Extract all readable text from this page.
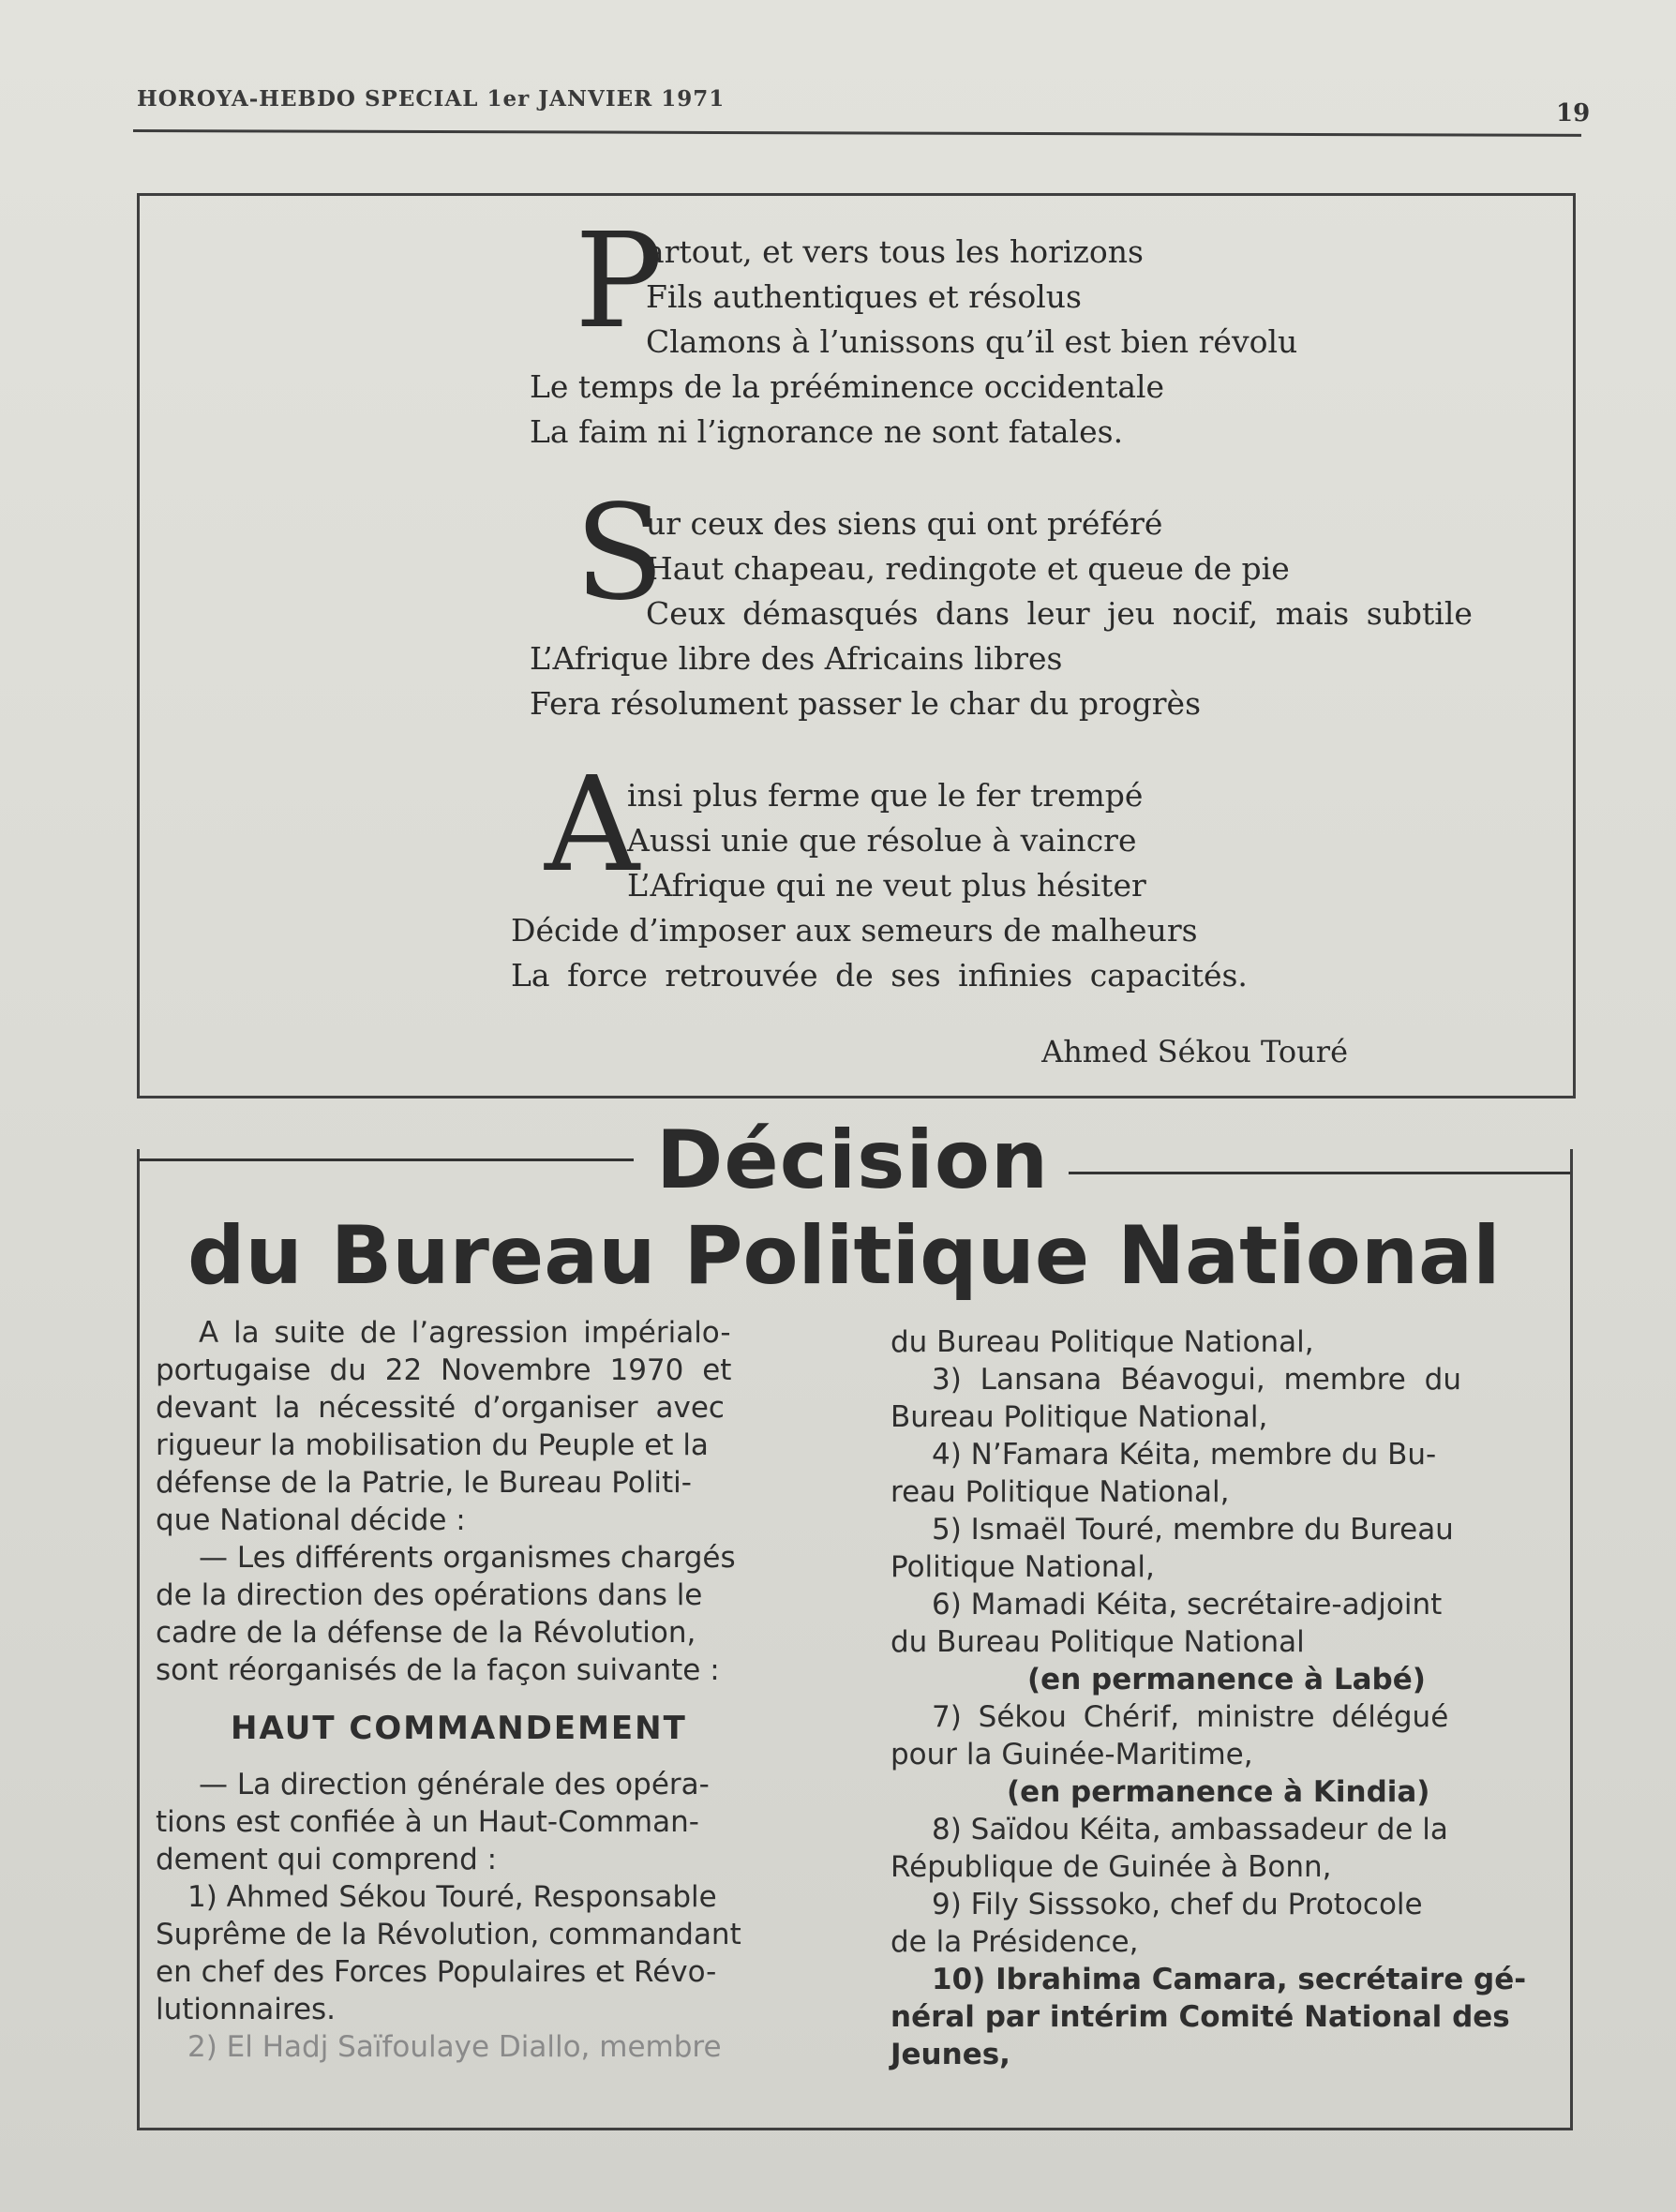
HOROYA-HEBDO SPECIAL 1er JANVIER 1971
19
P
artout, et vers tous les horizons
Fils authentiques et résolus
Clamons à l’unissons qu’il est bien révolu
Le temps de la prééminence occidentale
La faim ni l’ignorance ne sont fatales.
S
ur ceux des siens qui ont préféré
Haut chapeau, redingote et queue de pie
Ceux démasqués dans leur jeu nocif, mais subtile
L’Afrique libre des Africains libres
Fera résolument passer le char du progrès
A
insi plus ferme que le fer trempé
Aussi unie que résolue à vaincre
L’Afrique qui ne veut plus hésiter
Décide d’imposer aux semeurs de malheurs
La force retrouvée de ses infinies capacités.
Ahmed Sékou Touré
Décision
du Bureau Politique National

A la suite de l’agression impérialo-

portugaise du 22 Novembre 1970 et

devant la nécessité d’organiser avec

rigueur la mobilisation du Peuple et la

défense de la Patrie, le Bureau Politi-

que National décide :

— Les différents organismes chargés

de la direction des opérations dans le

cadre de la défense de la Révolution,

sont réorganisés de la façon suivante :

HAUT COMMANDEMENT

— La direction générale des opéra-

tions est confiée à un Haut-Comman-

dement qui comprend :

1) Ahmed Sékou Touré, Responsable

Suprême de la Révolution, commandant

en chef des Forces Populaires et Révo-

lutionnaires.

2) El Hadj Saïfoulaye Diallo, membre

du Bureau Politique National,

3) Lansana Béavogui, membre du

Bureau Politique National,

4) N’Famara Kéita, membre du Bu-

reau Politique National,

5) Ismaël Touré, membre du Bureau

Politique National,

6) Mamadi Kéita, secrétaire-adjoint

du Bureau Politique National

(en permanence à Labé)

7) Sékou Chérif, ministre délégué

pour la Guinée-Maritime,

(en permanence à Kindia)

8) Saïdou Kéita, ambassadeur de la

République de Guinée à Bonn,

9) Fily Sisssoko, chef du Protocole

de la Présidence,

10) Ibrahima Camara, secrétaire gé-

néral par intérim Comité National des

Jeunes,
